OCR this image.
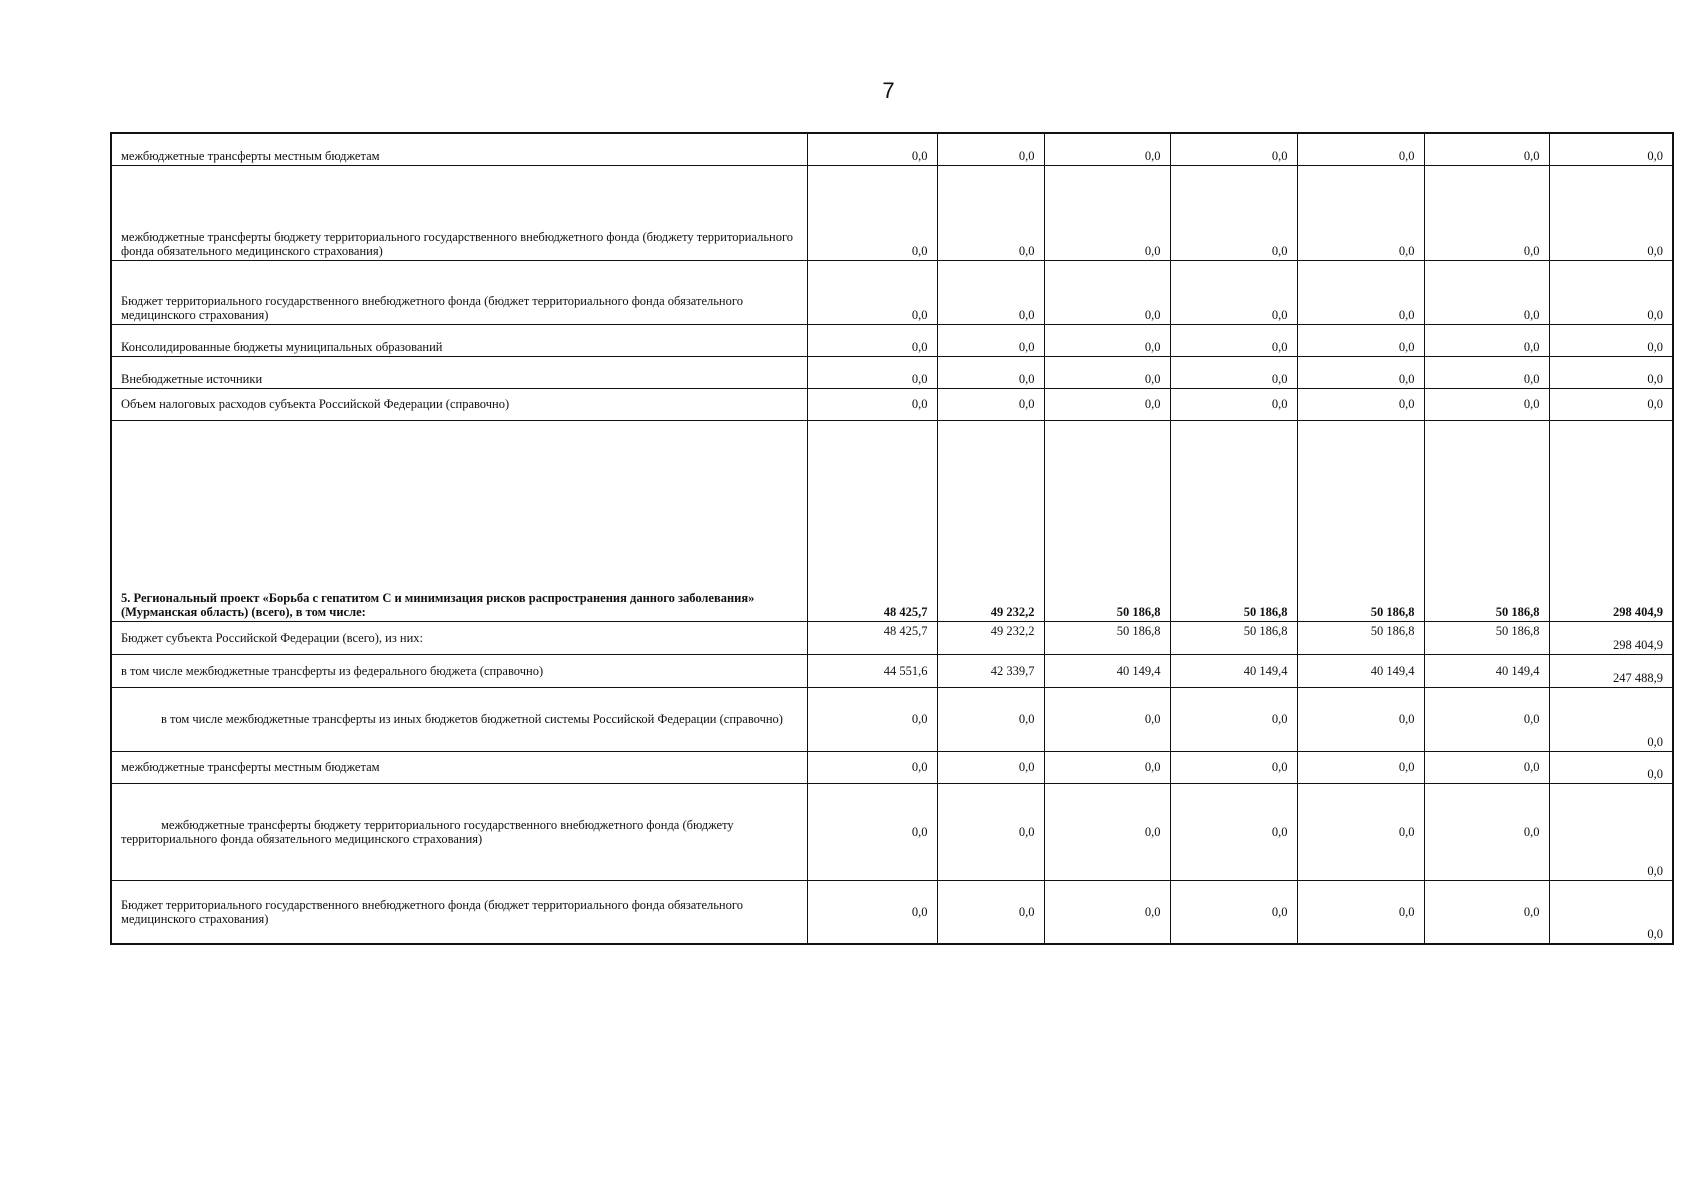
7
межбюджетные трансферты местным бюджетам	0,0	0,0	0,0	0,0	0,0	0,0	0,0
межбюджетные трансферты бюджету территориального государственного внебюджетного фонда (бюджету территориального фонда обязательного медицинского страхования)	0,0	0,0	0,0	0,0	0,0	0,0	0,0
Бюджет территориального государственного внебюджетного фонда (бюджет территориального фонда обязательного медицинского страхования)	0,0	0,0	0,0	0,0	0,0	0,0	0,0
Консолидированные бюджеты муниципальных образований	0,0	0,0	0,0	0,0	0,0	0,0	0,0
Внебюджетные источники	0,0	0,0	0,0	0,0	0,0	0,0	0,0
Объем налоговых расходов субъекта Российской Федерации (справочно)	0,0	0,0	0,0	0,0	0,0	0,0	0,0
5. Региональный проект «Борьба с гепатитом С и минимизация рисков распространения данного заболевания» (Мурманская область) (всего), в том числе:	48 425,7	49 232,2	50 186,8	50 186,8	50 186,8	50 186,8	298 404,9
Бюджет субъекта Российской Федерации (всего), из них:	48 425,7	49 232,2	50 186,8	50 186,8	50 186,8	50 186,8	298 404,9
в том числе межбюджетные трансферты из федерального бюджета (справочно)	44 551,6	42 339,7	40 149,4	40 149,4	40 149,4	40 149,4	247 488,9
в том числе межбюджетные трансферты из иных бюджетов бюджетной системы Российской Федерации (справочно)	0,0	0,0	0,0	0,0	0,0	0,0	0,0
межбюджетные трансферты местным бюджетам	0,0	0,0	0,0	0,0	0,0	0,0	0,0
межбюджетные трансферты бюджету территориального государственного внебюджетного фонда (бюджету территориального фонда обязательного медицинского страхования)	0,0	0,0	0,0	0,0	0,0	0,0	0,0
Бюджет территориального государственного внебюджетного фонда (бюджет территориального фонда обязательного медицинского страхования)	0,0	0,0	0,0	0,0	0,0	0,0	0,0
